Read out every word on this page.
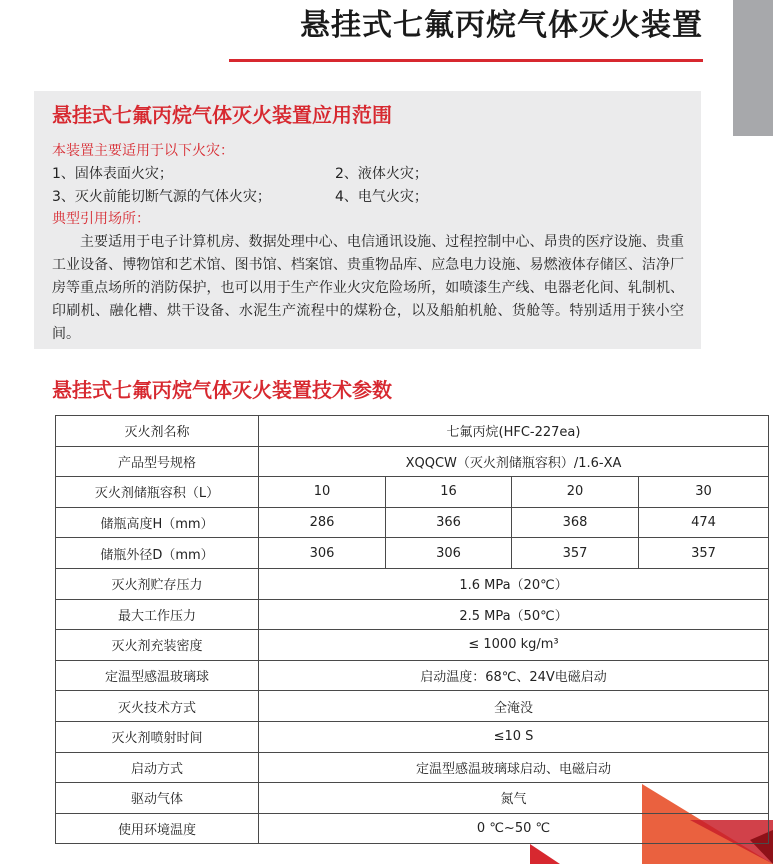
悬挂式七氟丙烷气体灭火装置
悬挂式七氟丙烷气体灭火装置应用范围
本装置主要适用于以下火灾：
1、固体表面火灾；	2、液体火灾；
3、灭火前能切断气源的气体火灾；	4、电气火灾；
典型引用场所：

主要适用于电子计算机房、数据处理中心、电信通讯设施、过程控制中心、昂贵的医疗设施、贵重工业设备、博物馆和艺术馆、图书馆、档案馆、贵重物品库、应急电力设施、易燃液体存储区、洁净厂房等重点场所的消防保护，也可以用于生产作业火灾危险场所，如喷漆生产线、电器老化间、轧制机、印刷机、融化槽、烘干设备、水泥生产流程中的煤粉仓，以及船舶机舱、货舱等。特别适用于狭小空间。

悬挂式七氟丙烷气体灭火装置技术参数
灭火剂名称	七氟丙烷(HFC-227ea)			
产品型号规格	XQQCW（灭火剂储瓶容积）/1.6-XA			
灭火剂储瓶容积（L）	10	16	20	30
储瓶高度H（mm）	286	366	368	474
储瓶外径D（mm）	306	306	357	357
灭火剂贮存压力	1.6 MPa（20℃）			
最大工作压力	2.5 MPa（50℃）			
灭火剂充装密度	≤ 1000 kg/m³			
定温型感温玻璃球	启动温度：68℃、24V电磁启动			
灭火技术方式	全淹没			
灭火剂喷射时间	≤10 S			
启动方式	定温型感温玻璃球启动、电磁启动			
驱动气体	氮气			
使用环境温度	0 ℃~50 ℃			
